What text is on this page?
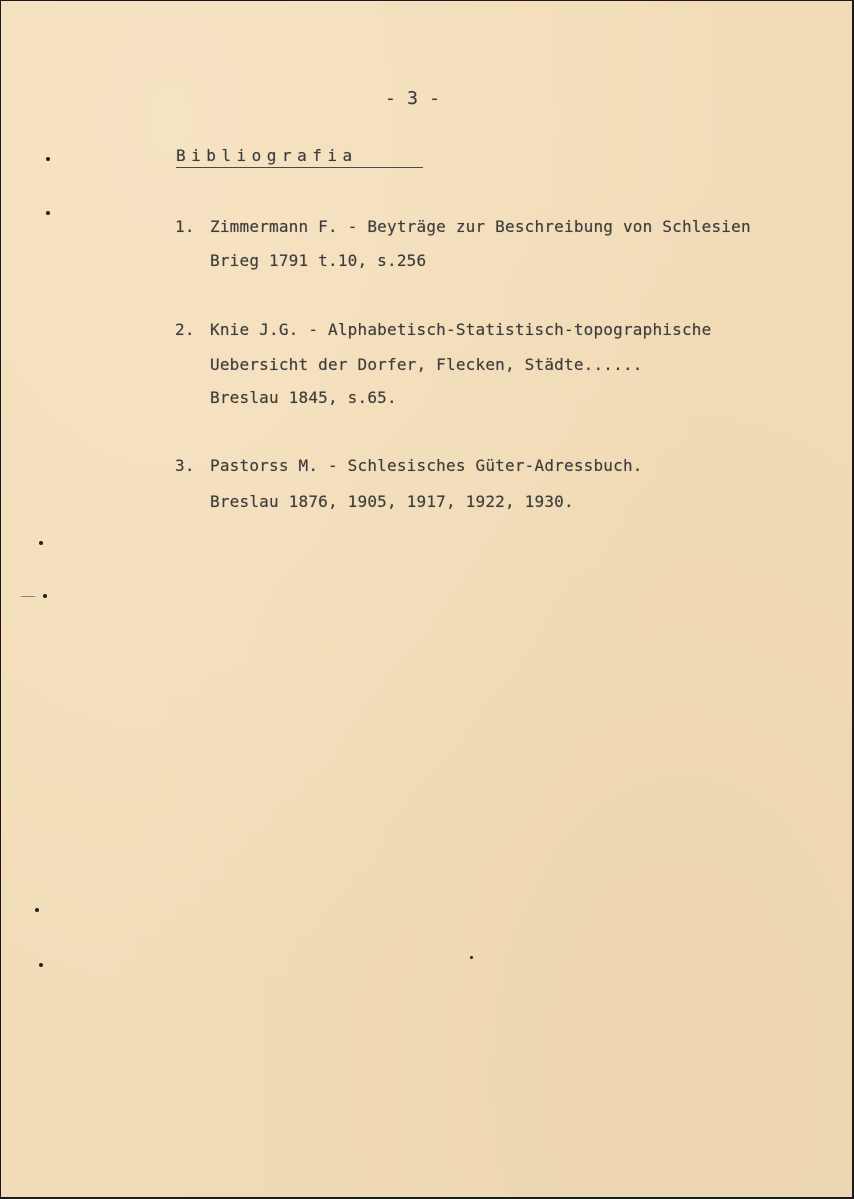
- 3 -
Bibliografia
1. Zimmermann F. - Beyträge zur Beschreibung von Schlesien
Brieg 1791 t.10, s.256
2. Knie J.G. - Alphabetisch-Statistisch-topographische
Uebersicht der Dorfer, Flecken, Städte......
Breslau 1845, s.65.
3. Pastorss M. - Schlesisches Güter-Adressbuch.
Breslau 1876, 1905, 1917, 1922, 1930.
